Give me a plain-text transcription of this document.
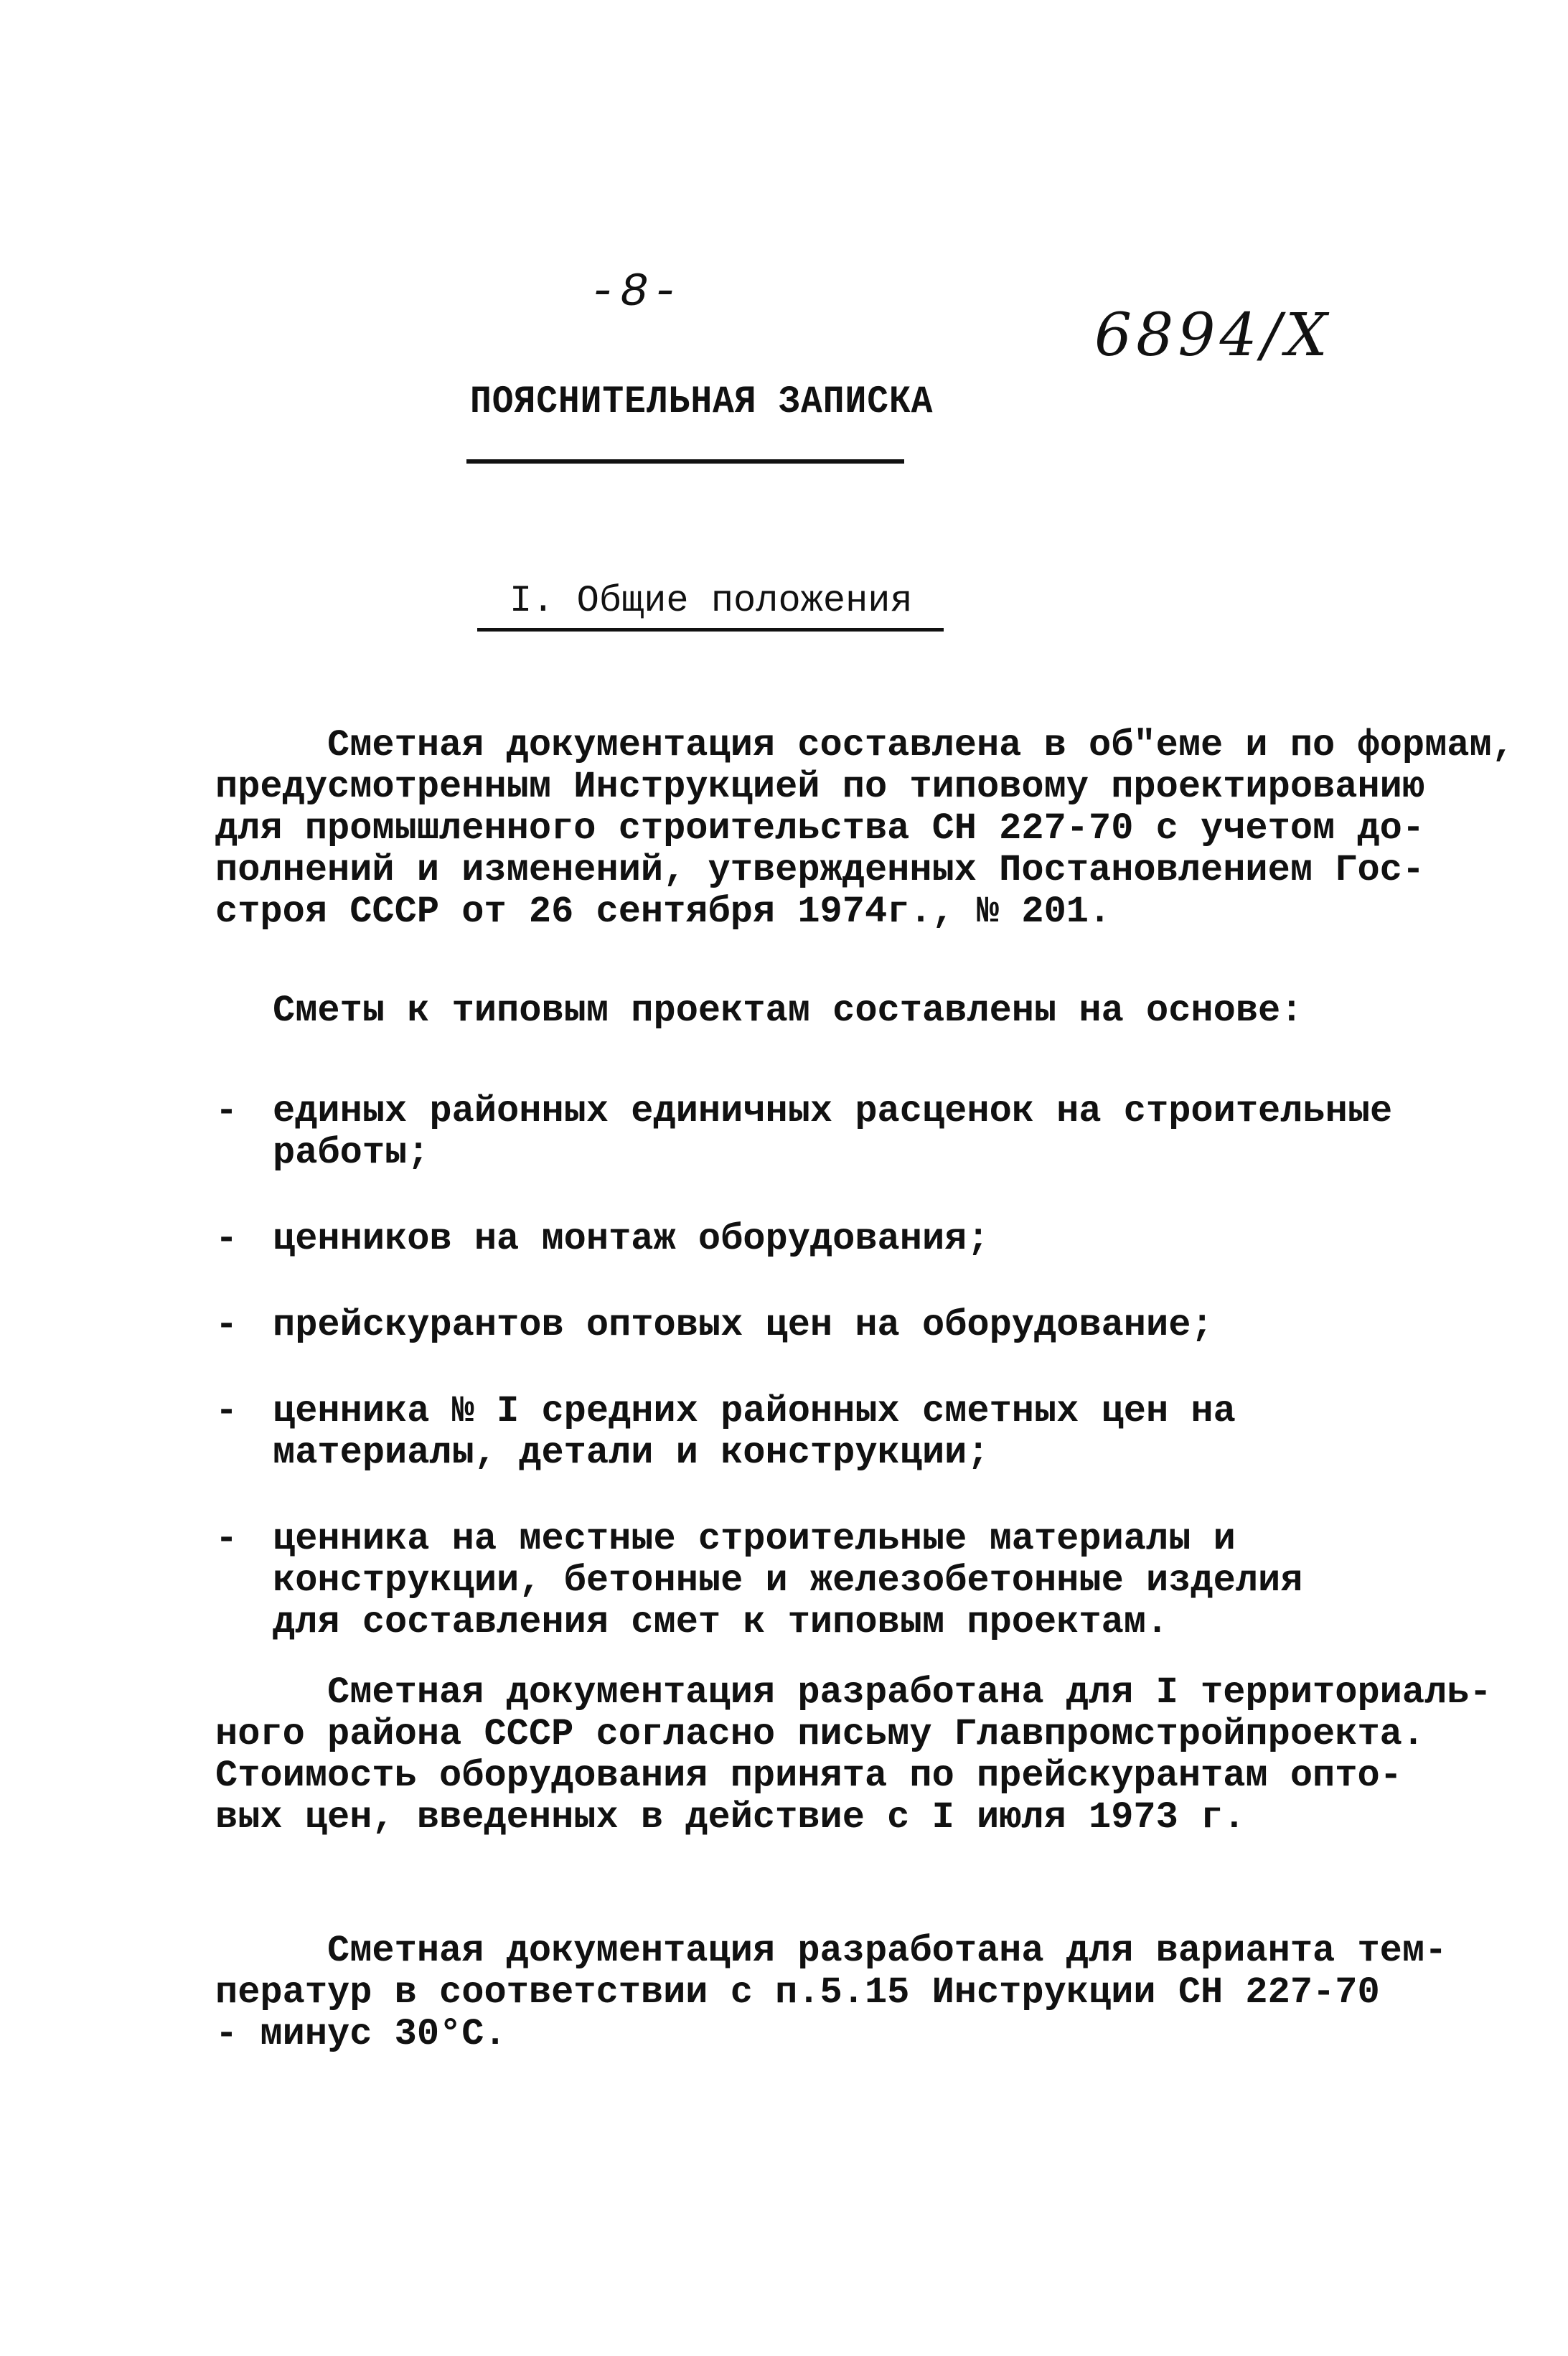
-8-
6894/X
ПОЯСНИТЕЛЬНАЯ ЗАПИСКА
I. Общие положения
Сметная документация составлена в об"еме и по формам,
предусмотренным Инструкцией по типовому проектированию
для промышленного строительства СН 227-70 с учетом до-
полнений и изменений, утвержденных Постановлением Гос-
строя СССР от 26 сентября 1974г., № 201.
Сметы к типовым проектам составлены на основе:
- единых районных единичных расценок на строительные
работы;
- ценников на монтаж оборудования;
- прейскурантов оптовых цен на оборудование;
- ценника № I средних районных сметных цен на
материалы, детали и конструкции;
- ценника на местные строительные материалы и
конструкции, бетонные и железобетонные изделия
для составления смет к типовым проектам.
Сметная документация разработана для I территориаль-
ного района СССР согласно письму Главпромстройпроекта.
Стоимость оборудования принята по прейскурантам опто-
вых цен, введенных в действие с I июля 1973 г.
Сметная документация разработана для варианта тем-
ператур в соответствии с п.5.15 Инструкции СН 227-70
- минус 30°С.
